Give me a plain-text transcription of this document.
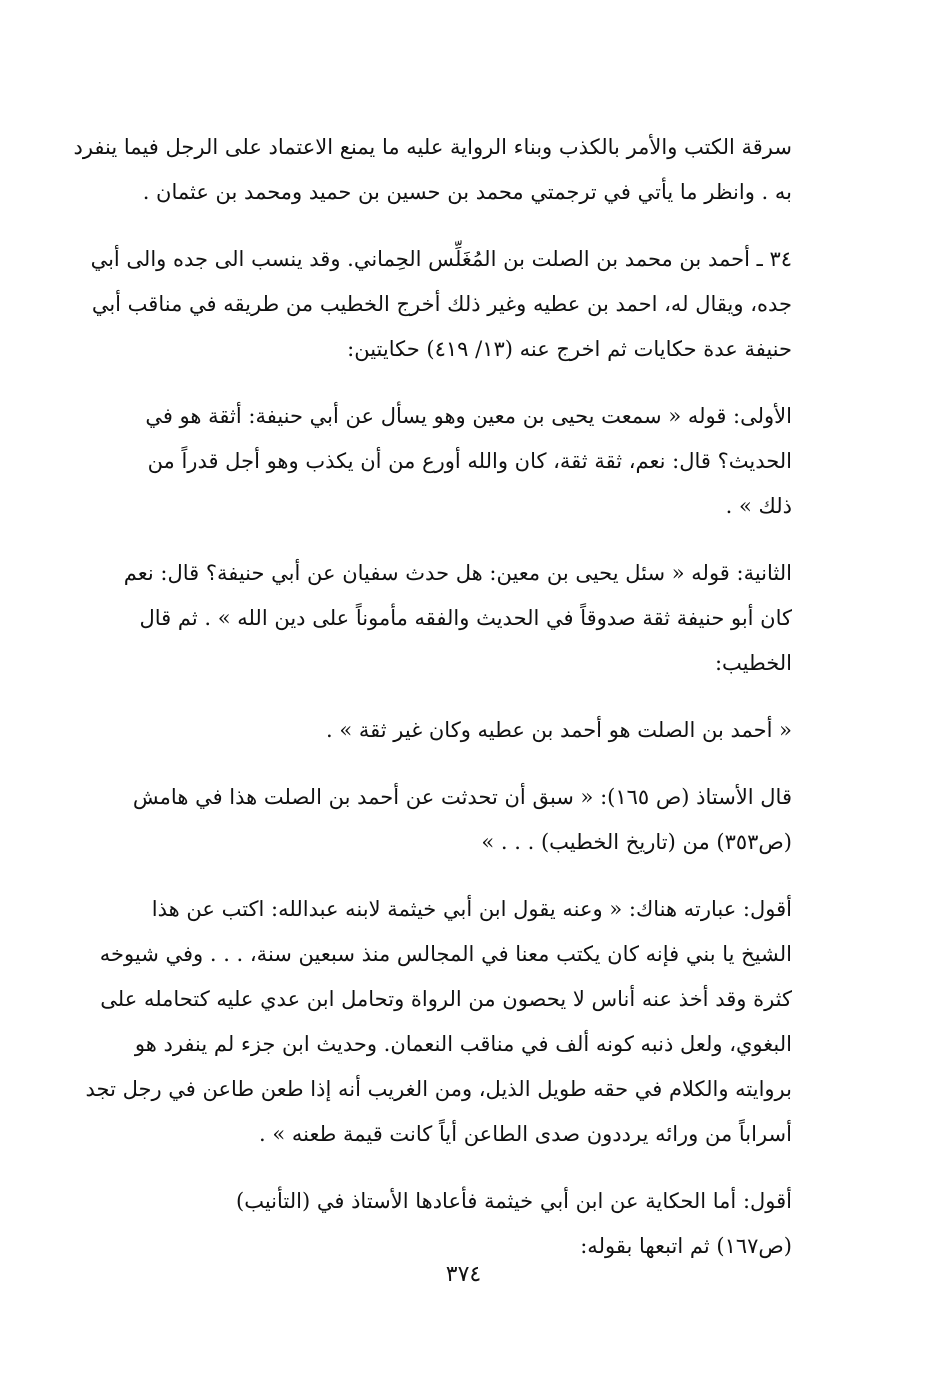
سرقة الكتب والأمر بالكذب وبناء الرواية عليه ما يمنع الاعتماد على الرجل فيما ينفرد
به . وانظر ما يأتي في ترجمتي محمد بن حسين بن حميد ومحمد بن عثمان .
٣٤ ـ أحمد بن محمد بن الصلت بن المُغَلِّس الحِماني. وقد ينسب الى جده والى أبي
جده، ويقال له، احمد بن عطيه وغير ذلك أخرج الخطيب من طريقه في مناقب أبي
حنيفة عدة حكايات ثم اخرج عنه (١٣/ ٤١٩) حكايتين:
الأولى: قوله « سمعت يحيى بن معين وهو يسأل عن أبي حنيفة: أثقة هو في
الحديث؟ قال: نعم، ثقة ثقة، كان والله أورع من أن يكذب وهو أجل قدراً من
ذلك » .
الثانية: قوله « سئل يحيى بن معين: هل حدث سفيان عن أبي حنيفة؟ قال: نعم
كان أبو حنيفة ثقة صدوقاً في الحديث والفقه مأموناً على دين الله » . ثم قال
الخطيب:
« أحمد بن الصلت هو أحمد بن عطيه وكان غير ثقة » .
قال الأستاذ (ص ١٦٥): « سبق أن تحدثت عن أحمد بن الصلت هذا في هامش
(ص٣٥٣) من (تاريخ الخطيب) . . . »
أقول: عبارته هناك: « وعنه يقول ابن أبي خيثمة لابنه عبدالله: اكتب عن هذا
الشيخ يا بني فإنه كان يكتب معنا في المجالس منذ سبعين سنة، . . . وفي شيوخه
كثرة وقد أخذ عنه أناس لا يحصون من الرواة وتحامل ابن عدي عليه كتحامله على
البغوي، ولعل ذنبه كونه ألف في مناقب النعمان. وحديث ابن جزء لم ينفرد هو
بروايته والكلام في حقه طويل الذيل، ومن الغريب أنه إذا طعن طاعن في رجل تجد
أسراباً من ورائه يرددون صدى الطاعن أياً كانت قيمة طعنه » .
أقول: أما الحكاية عن ابن أبي خيثمة فأعادها الأستاذ في (التأنيب)
(ص١٦٧) ثم اتبعها بقوله:
٣٧٤
